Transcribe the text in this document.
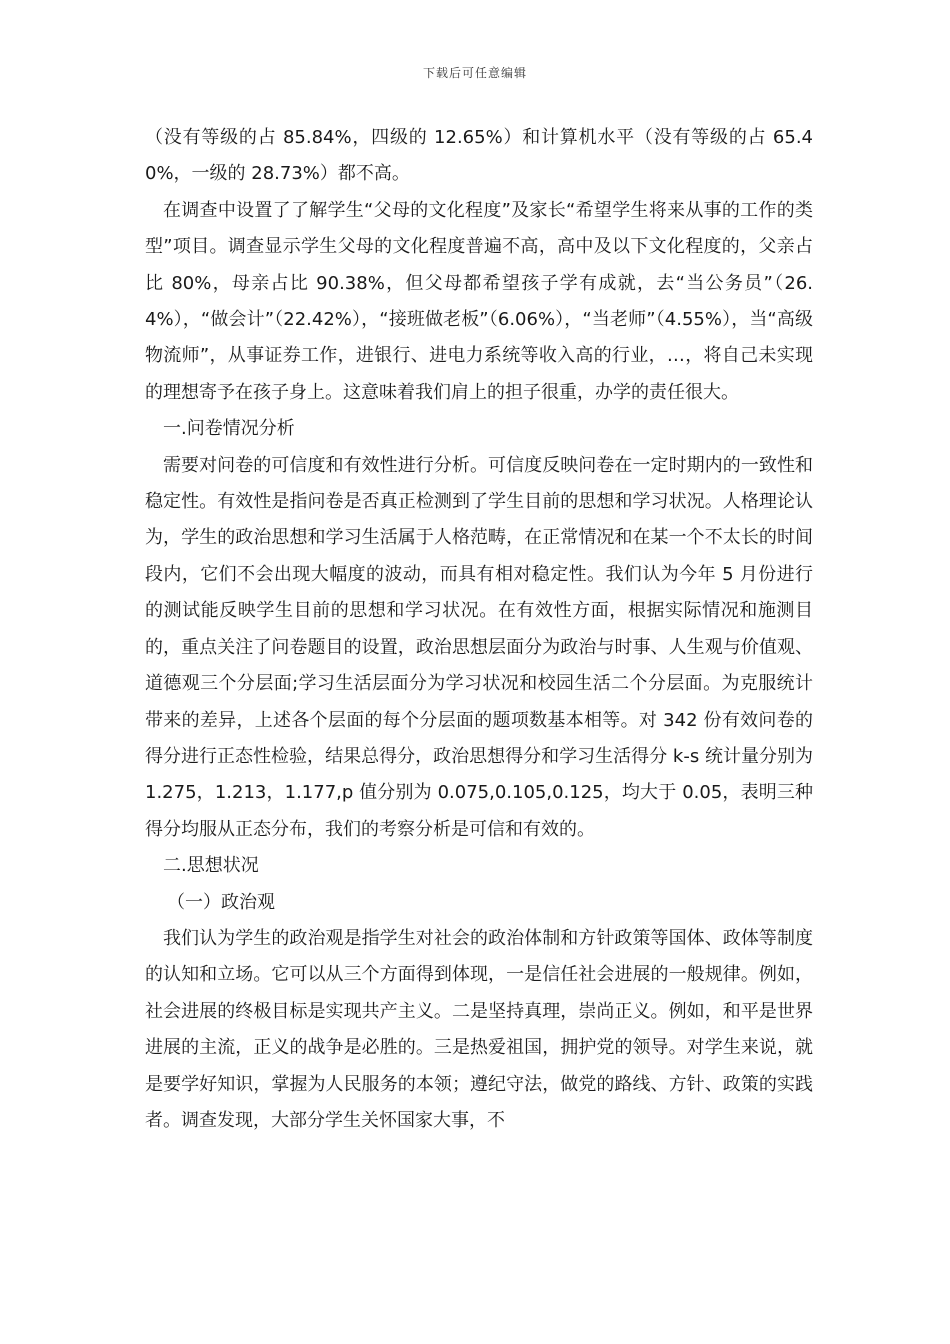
下载后可任意编辑

（没有等级的占 85.84%，四级的 12.65%）和计算机水平（没有等级的占 65.40%，一级的 28.73%）都不高。

在调查中设置了了解学生“父母的文化程度”及家长“希望学生将来从事的工作的类型”项目。调查显示学生父母的文化程度普遍不高，高中及以下文化程度的，父亲占比 80%，母亲占比 90.38%，但父母都希望孩子学有成就，去“当公务员”（26.4%），“做会计”（22.42%），“接班做老板”（6.06%），“当老师”（4.55%），当“高级物流师”，从事证券工作，进银行、进电力系统等收入高的行业，…，将自己未实现的理想寄予在孩子身上。这意味着我们肩上的担子很重，办学的责任很大。

一.问卷情况分析

需要对问卷的可信度和有效性进行分析。可信度反映问卷在一定时期内的一致性和稳定性。有效性是指问卷是否真正检测到了学生目前的思想和学习状况。人格理论认为，学生的政治思想和学习生活属于人格范畴，在正常情况和在某一个不太长的时间段内，它们不会出现大幅度的波动，而具有相对稳定性。我们认为今年 5 月份进行的测试能反映学生目前的思想和学习状况。在有效性方面，根据实际情况和施测目的，重点关注了问卷题目的设置，政治思想层面分为政治与时事、人生观与价值观、道德观三个分层面;学习生活层面分为学习状况和校园生活二个分层面。为克服统计带来的差异，上述各个层面的每个分层面的题项数基本相等。对 342 份有效问卷的得分进行正态性检验，结果总得分，政治思想得分和学习生活得分 k-s 统计量分别为 1.275，1.213，1.177,p 值分别为 0.075,0.105,0.125，均大于 0.05，表明三种得分均服从正态分布，我们的考察分析是可信和有效的。

二.思想状况

（一）政治观

我们认为学生的政治观是指学生对社会的政治体制和方针政策等国体、政体等制度的认知和立场。它可以从三个方面得到体现，一是信任社会进展的一般规律。例如，社会进展的终极目标是实现共产主义。二是坚持真理，崇尚正义。例如，和平是世界进展的主流，正义的战争是必胜的。三是热爱祖国，拥护党的领导。对学生来说，就是要学好知识，掌握为人民服务的本领；遵纪守法，做党的路线、方针、政策的实践者。调查发现，大部分学生关怀国家大事，不
